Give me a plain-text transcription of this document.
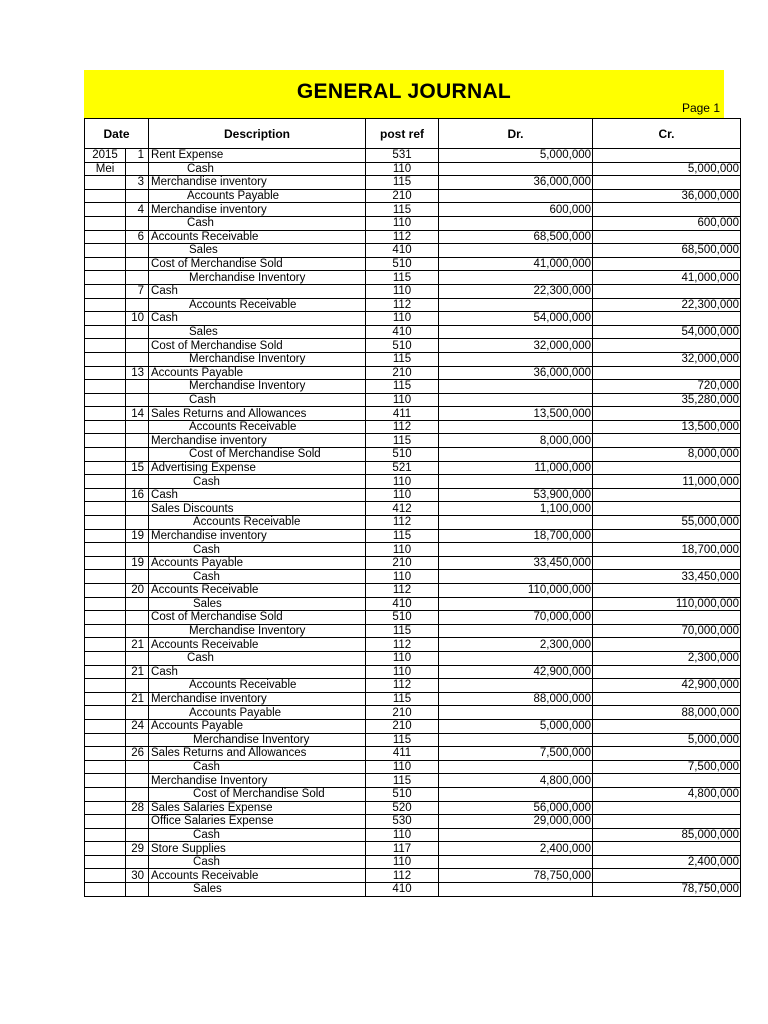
GENERAL JOURNAL
Page 1
Date		Description	post ref	Dr.	Cr.
2015	1	Rent Expense	531	5,000,000	
Mei		Cash	110		5,000,000
	3	Merchandise inventory	115	36,000,000	
		Accounts Payable	210		36,000,000
	4	Merchandise inventory	115	600,000	
		Cash	110		600,000
	6	Accounts Receivable	112	68,500,000	
		Sales	410		68,500,000
		Cost of Merchandise Sold	510	41,000,000	
		Merchandise Inventory	115		41,000,000
	7	Cash	110	22,300,000	
		Accounts Receivable	112		22,300,000
	10	Cash	110	54,000,000	
		Sales	410		54,000,000
		Cost of Merchandise Sold	510	32,000,000	
		Merchandise Inventory	115		32,000,000
	13	Accounts Payable	210	36,000,000	
		Merchandise Inventory	115		720,000
		Cash	110		35,280,000
	14	Sales Returns and Allowances	411	13,500,000	
		Accounts Receivable	112		13,500,000
		Merchandise inventory	115	8,000,000	
		Cost of Merchandise Sold	510		8,000,000
	15	Advertising Expense	521	11,000,000	
		Cash	110		11,000,000
	16	Cash	110	53,900,000	
		Sales Discounts	412	1,100,000	
		Accounts Receivable	112		55,000,000
	19	Merchandise inventory	115	18,700,000	
		Cash	110		18,700,000
	19	Accounts Payable	210	33,450,000	
		Cash	110		33,450,000
	20	Accounts Receivable	112	110,000,000	
		Sales	410		110,000,000
		Cost of Merchandise Sold	510	70,000,000	
		Merchandise Inventory	115		70,000,000
	21	Accounts Receivable	112	2,300,000	
		Cash	110		2,300,000
	21	Cash	110	42,900,000	
		Accounts Receivable	112		42,900,000
	21	Merchandise inventory	115	88,000,000	
		Accounts Payable	210		88,000,000
	24	Accounts Payable	210	5,000,000	
		Merchandise Inventory	115		5,000,000
	26	Sales Returns and Allowances	411	7,500,000	
		Cash	110		7,500,000
		Merchandise Inventory	115	4,800,000	
		Cost of Merchandise Sold	510		4,800,000
	28	Sales Salaries Expense	520	56,000,000	
		Office Salaries Expense	530	29,000,000	
		Cash	110		85,000,000
	29	Store Supplies	117	2,400,000	
		Cash	110		2,400,000
	30	Accounts Receivable	112	78,750,000	
		Sales	410		78,750,000
